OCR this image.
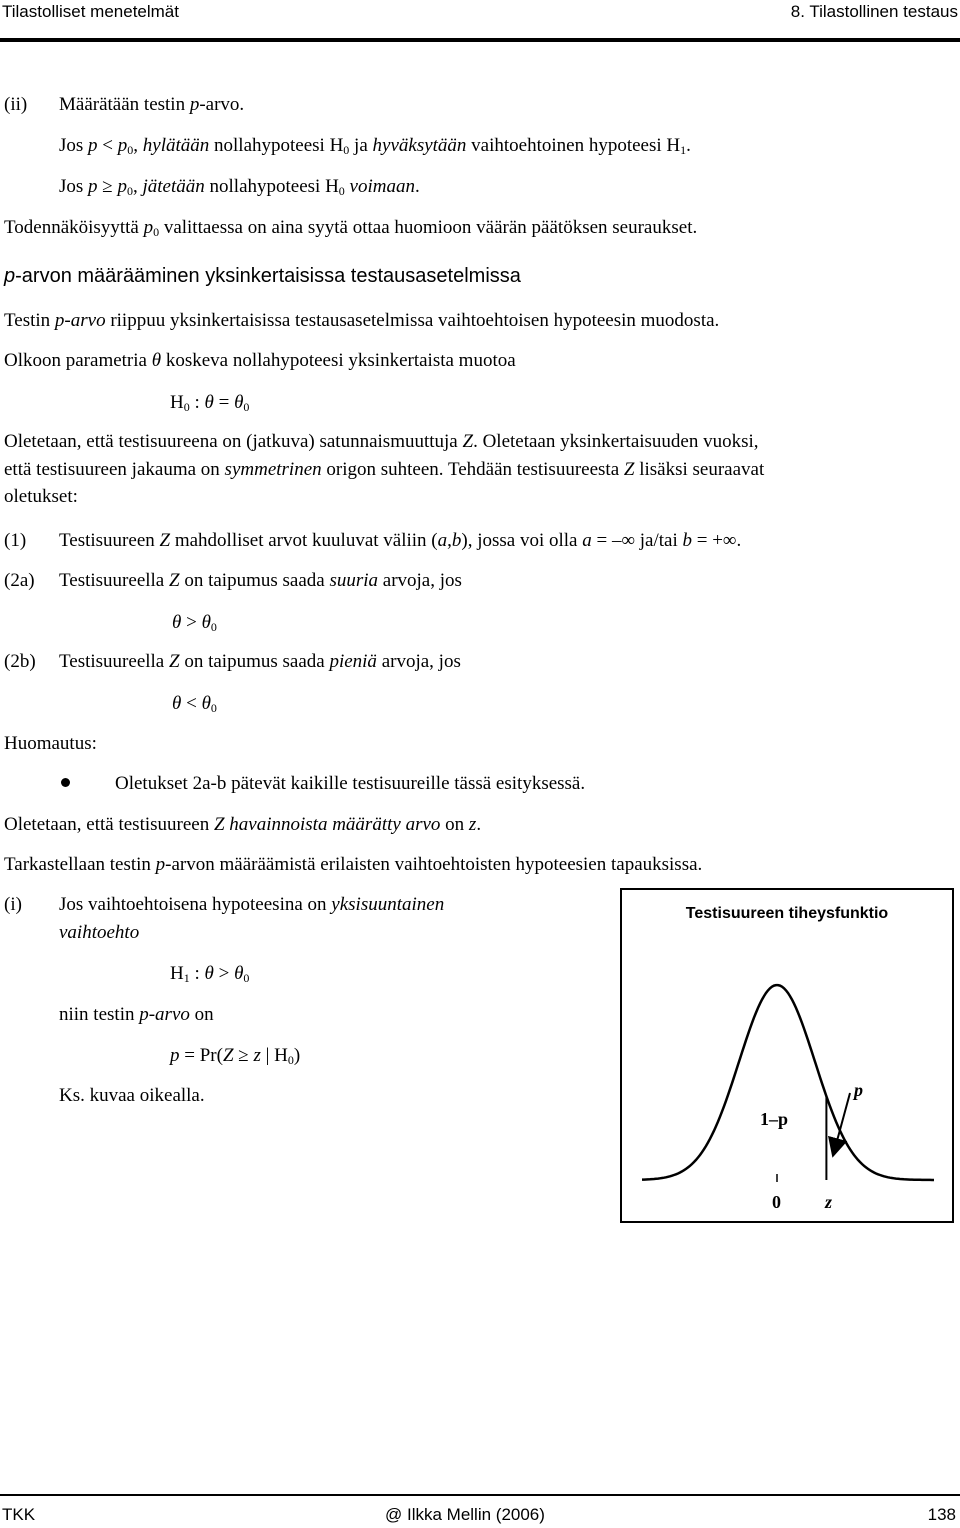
Tilastolliset menetelmät	8. Tilastollinen testaus
(ii) Määrätään testin p-arvo.
Jos $p < p_0$, hylätään nollahypoteesi $H_0$ ja hyväksytään vaihtoehtoinen hypoteesi $H_1$.
Jos $p \ge p_0$, jätetään nollahypoteesi $H_0$ voimaan.
Todennäköisyyttä $p_0$ valittaessa on aina syytä ottaa huomioon väärän päätöksen seuraukset.
p-arvon määrääminen yksinkertaisissa testausasetelmissa
Testin p-arvo riippuu yksinkertaisissa testausasetelmissa vaihtoehtoisen hypoteesin muodosta.
Olkoon parametria θ koskeva nollahypoteesi yksinkertaista muotoa
$H_0$ : $\theta = \theta_0$
Oletetaan, että testisuureena on (jatkuva) satunnaismuuttuja Z. Oletetaan yksinkertaisuuden vuoksi,
että testisuureen jakauma on symmetrinen origon suhteen. Tehdään testisuureesta Z lisäksi seuraavat
oletukset:
(1) Testisuureen Z mahdolliset arvot kuuluvat väliin (a,b), jossa voi olla a = –∞ ja/tai b = +∞.
(2a) Testisuureella Z on taipumus saada suuria arvoja, jos
$\theta > \theta_0$
(2b) Testisuureella Z on taipumus saada pieniä arvoja, jos
$\theta < \theta_0$
Huomautus:
Oletukset 2a-b pätevät kaikille testisuureille tässä esityksessä.
Oletetaan, että testisuureen Z havainnoista määrätty arvo on z.
Tarkastellaan testin p-arvon määräämistä erilaisten vaihtoehtoisten hypoteesien tapauksissa.
(i) Jos vaihtoehtoisena hypoteesina on yksisuuntainen
vaihtoehto
$H_1$ : $\theta > \theta_0$
niin testin p-arvo on
p = Pr(Z ≥ z | $H_0$)
Ks. kuvaa oikealla.
Testisuureen tiheysfunktio
p
1–p
0 z
TKK	@ Ilkka Mellin (2006)	138
